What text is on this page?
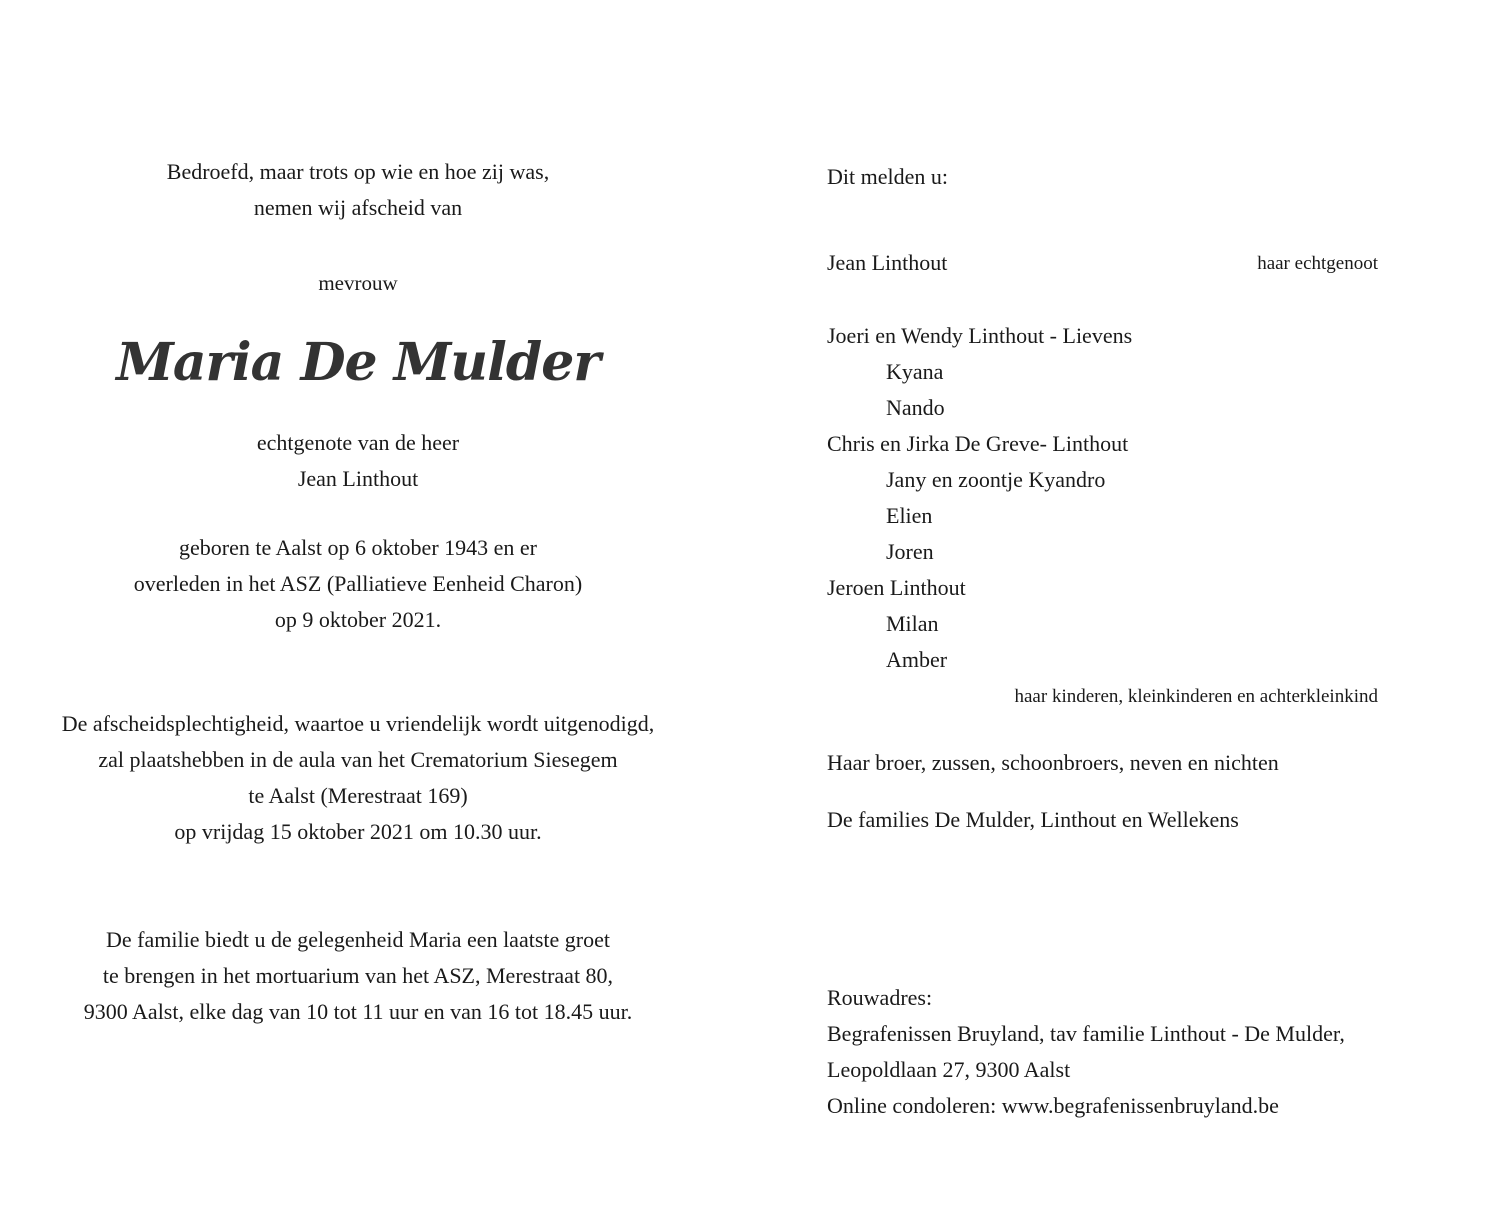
Bedroefd, maar trots op wie en hoe zij was,
nemen wij afscheid van
mevrouw
Maria De Mulder
echtgenote van de heer
Jean Linthout
geboren te Aalst op 6 oktober 1943 en er
overleden in het ASZ (Palliatieve Eenheid Charon)
op 9 oktober 2021.
De afscheidsplechtigheid, waartoe u vriendelijk wordt uitgenodigd,
zal plaatshebben in de aula van het Crematorium Siesegem
te Aalst (Merestraat 169)
op vrijdag 15 oktober 2021 om 10.30 uur.
De familie biedt u de gelegenheid Maria een laatste groet
te brengen in het mortuarium van het ASZ, Merestraat 80,
9300 Aalst, elke dag van 10 tot 11 uur en van 16 tot 18.45 uur.
Dit melden u:
Jean Linthout	haar echtgenoot
Joeri en Wendy Linthout - Lievens
Kyana
Nando
Chris en Jirka De Greve- Linthout
Jany en zoontje Kyandro
Elien
Joren
Jeroen Linthout
Milan
Amber
haar kinderen, kleinkinderen en achterkleinkind
Haar broer, zussen, schoonbroers, neven en nichten
De families De Mulder, Linthout en Wellekens
Rouwadres:
Begrafenissen Bruyland, tav familie Linthout - De Mulder,
Leopoldlaan 27, 9300 Aalst
Online condoleren: www.begrafenissenbruyland.be
